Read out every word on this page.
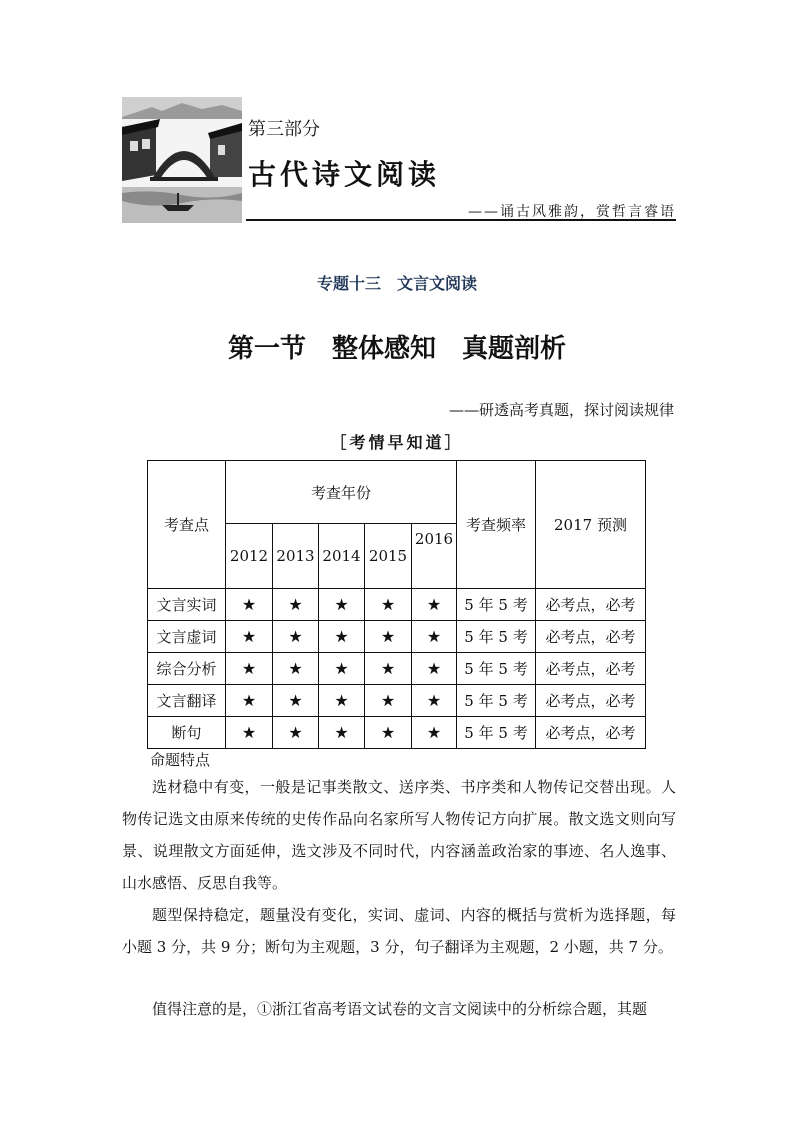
第三部分
古代诗文阅读
——诵古风雅韵，赏哲言睿语
专题十三　文言文阅读
第一节　整体感知　真题剖析
——研透高考真题，探讨阅读规律
［考情早知道］
考查点	考查年份					考查频率	2017 预测
	2012	2013	2014	2015	2016		
文言实词	★	★	★	★	★	5 年 5 考	必考点，必考
文言虚词	★	★	★	★	★	5 年 5 考	必考点，必考
综合分析	★	★	★	★	★	5 年 5 考	必考点，必考
文言翻译	★	★	★	★	★	5 年 5 考	必考点，必考
断句	★	★	★	★	★	5 年 5 考	必考点，必考
命题特点

选材稳中有变，一般是记事类散文、送序类、书序类和人物传记交替出现。人物传记选文由原来传统的史传作品向名家所写人物传记方向扩展。散文选文则向写景、说理散文方面延伸，选文涉及不同时代，内容涵盖政治家的事迹、名人逸事、山水感悟、反思自我等。

题型保持稳定，题量没有变化，实词、虚词、内容的概括与赏析为选择题，每小题 3 分，共 9 分；断句为主观题，3 分，句子翻译为主观题，2 小题，共 7 分。

值得注意的是，①浙江省高考语文试卷的文言文阅读中的分析综合题，其题
